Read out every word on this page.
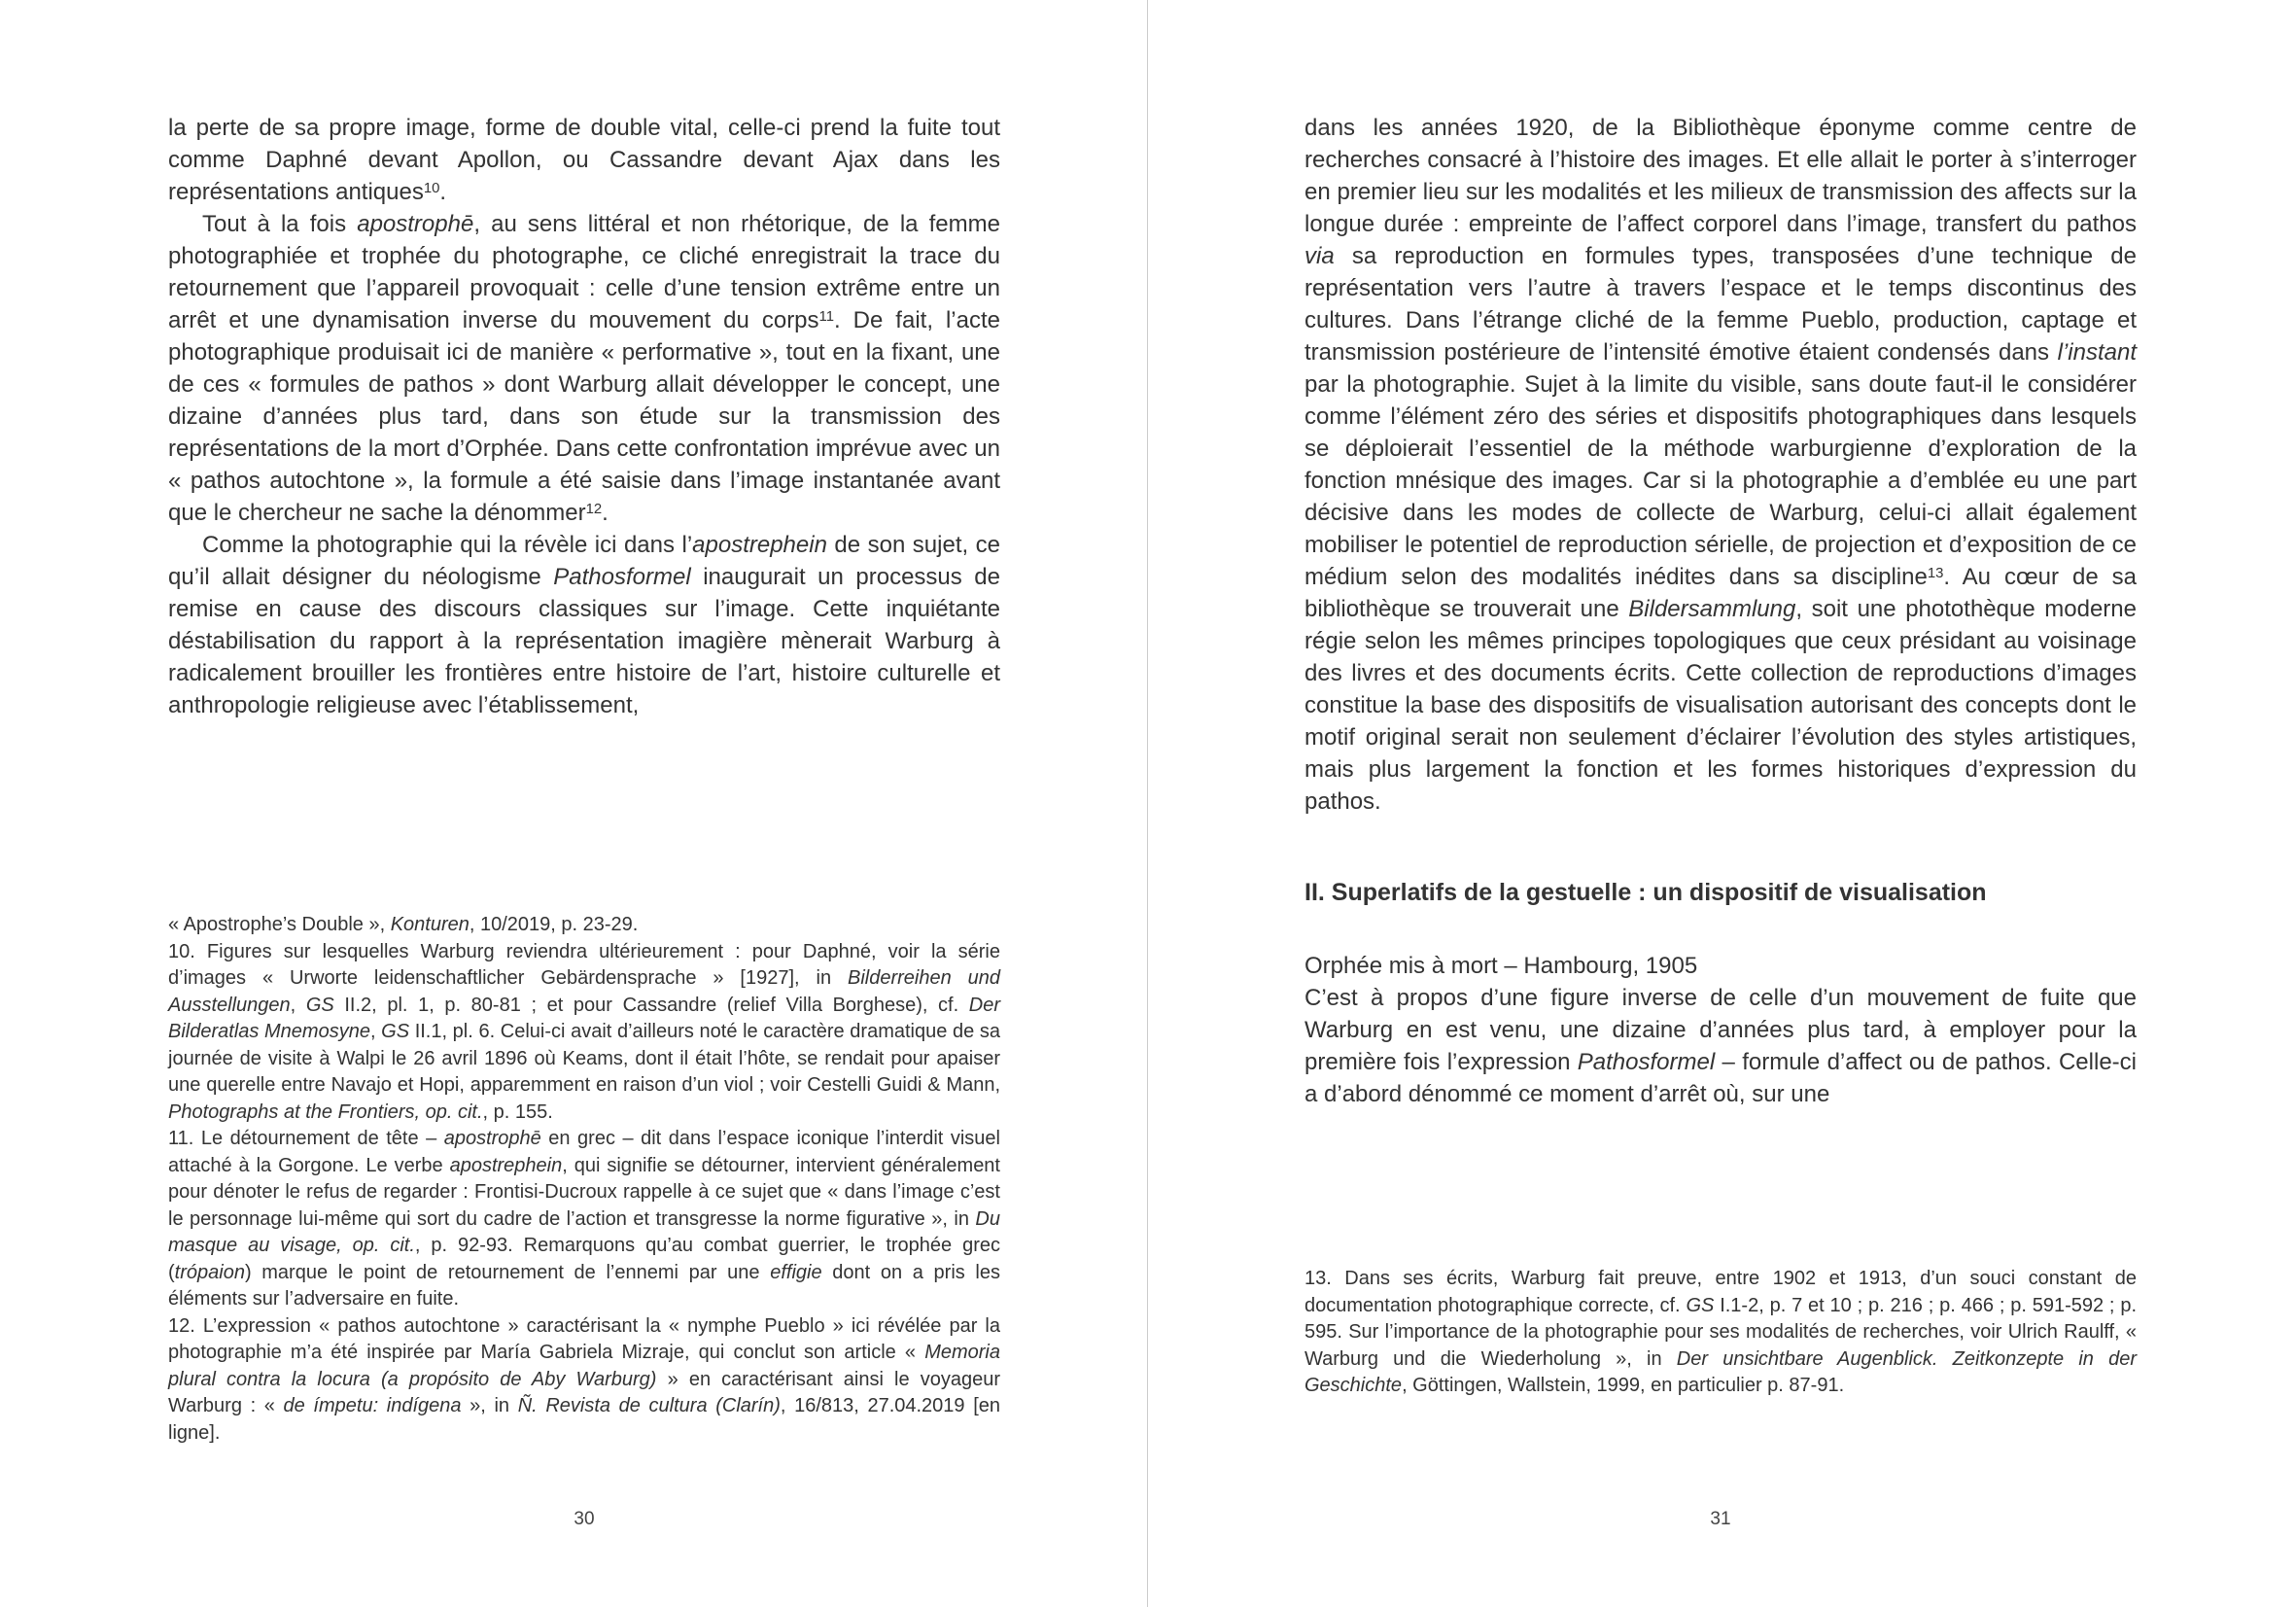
la perte de sa propre image, forme de double vital, celle-ci prend la fuite tout comme Daphné devant Apollon, ou Cassandre devant Ajax dans les représentations antiques$^{10}$.

Tout à la fois apostrophē, au sens littéral et non rhétorique, de la femme photographiée et trophée du photographe, ce cliché enregistrait la trace du retournement que l’appareil provoquait : celle d’une tension extrême entre un arrêt et une dynamisation inverse du mouvement du corps$^{11}$. De fait, l’acte photographique produisait ici de manière « performative », tout en la fixant, une de ces « formules de pathos » dont Warburg allait développer le concept, une dizaine d’années plus tard, dans son étude sur la transmission des représentations de la mort d’Orphée. Dans cette confrontation imprévue avec un « pathos autochtone », la formule a été saisie dans l’image instantanée avant que le chercheur ne sache la dénommer$^{12}$.

Comme la photographie qui la révèle ici dans l’apostrephein de son sujet, ce qu’il allait désigner du néologisme Pathosformel inaugurait un processus de remise en cause des discours classiques sur l’image. Cette inquiétante déstabilisation du rapport à la représentation imagière mènerait Warburg à radicalement brouiller les frontières entre histoire de l’art, histoire culturelle et anthropologie religieuse avec l’établissement,

« Apostrophe’s Double », Konturen, 10/2019, p. 23-29.

10. Figures sur lesquelles Warburg reviendra ultérieurement : pour Daphné, voir la série d’images « Urworte leidenschaftlicher Gebärdensprache » [1927], in Bilderreihen und Ausstellungen, GS II.2, pl. 1, p. 80-81 ; et pour Cassandre (relief Villa Borghese), cf. Der Bilderatlas Mnemosyne, GS II.1, pl. 6. Celui-ci avait d’ailleurs noté le caractère dramatique de sa journée de visite à Walpi le 26 avril 1896 où Keams, dont il était l’hôte, se rendait pour apaiser une querelle entre Navajo et Hopi, apparemment en raison d’un viol ; voir Cestelli Guidi & Mann, Photographs at the Frontiers, op. cit., p. 155.

11. Le détournement de tête – apostrophē en grec – dit dans l’espace iconique l’interdit visuel attaché à la Gorgone. Le verbe apostrephein, qui signifie se détourner, intervient généralement pour dénoter le refus de regarder : Frontisi-Ducroux rappelle à ce sujet que « dans l’image c’est le personnage lui-même qui sort du cadre de l’action et transgresse la norme figurative », in Du masque au visage, op. cit., p. 92-93. Remarquons qu’au combat guerrier, le trophée grec (trópaion) marque le point de retournement de l’ennemi par une effigie dont on a pris les éléments sur l’adversaire en fuite.

12. L’expression « pathos autochtone » caractérisant la « nymphe Pueblo » ici révélée par la photographie m’a été inspirée par María Gabriela Mizraje, qui conclut son article « Memoria plural contra la locura (a propósito de Aby Warburg) » en caractérisant ainsi le voyageur Warburg : « de ímpetu: indígena », in Ñ. Revista de cultura (Clarín), 16/813, 27.04.2019 [en ligne].

30

dans les années 1920, de la Bibliothèque éponyme comme centre de recherches consacré à l’histoire des images. Et elle allait le porter à s’interroger en premier lieu sur les modalités et les milieux de transmission des affects sur la longue durée : empreinte de l’affect corporel dans l’image, transfert du pathos via sa reproduction en formules types, transposées d’une technique de représentation vers l’autre à travers l’espace et le temps discontinus des cultures. Dans l’étrange cliché de la femme Pueblo, production, captage et transmission postérieure de l’intensité émotive étaient condensés dans l’instant par la photographie. Sujet à la limite du visible, sans doute faut-il le considérer comme l’élément zéro des séries et dispositifs photographiques dans lesquels se déploierait l’essentiel de la méthode warburgienne d’exploration de la fonction mnésique des images. Car si la photographie a d’emblée eu une part décisive dans les modes de collecte de Warburg, celui-ci allait également mobiliser le potentiel de reproduction sérielle, de projection et d’exposition de ce médium selon des modalités inédites dans sa discipline$^{13}$. Au cœur de sa bibliothèque se trouverait une Bildersammlung, soit une photothèque moderne régie selon les mêmes principes topologiques que ceux présidant au voisinage des livres et des documents écrits. Cette collection de reproductions d’images constitue la base des dispositifs de visualisation autorisant des concepts dont le motif original serait non seulement d’éclairer l’évolution des styles artistiques, mais plus largement la fonction et les formes historiques d’expression du pathos.

II. Superlatifs de la gestuelle : un dispositif de visualisation

Orphée mis à mort – Hambourg, 1905

C’est à propos d’une figure inverse de celle d’un mouvement de fuite que Warburg en est venu, une dizaine d’années plus tard, à employer pour la première fois l’expression Pathosformel – formule d’affect ou de pathos. Celle-ci a d’abord dénommé ce moment d’arrêt où, sur une

13. Dans ses écrits, Warburg fait preuve, entre 1902 et 1913, d’un souci constant de documentation photographique correcte, cf. GS I.1-2, p. 7 et 10 ; p. 216 ; p. 466 ; p. 591-592 ; p. 595. Sur l’importance de la photographie pour ses modalités de recherches, voir Ulrich Raulff, « Warburg und die Wiederholung », in Der unsichtbare Augenblick. Zeitkonzepte in der Geschichte, Göttingen, Wallstein, 1999, en particulier p. 87-91.

31
